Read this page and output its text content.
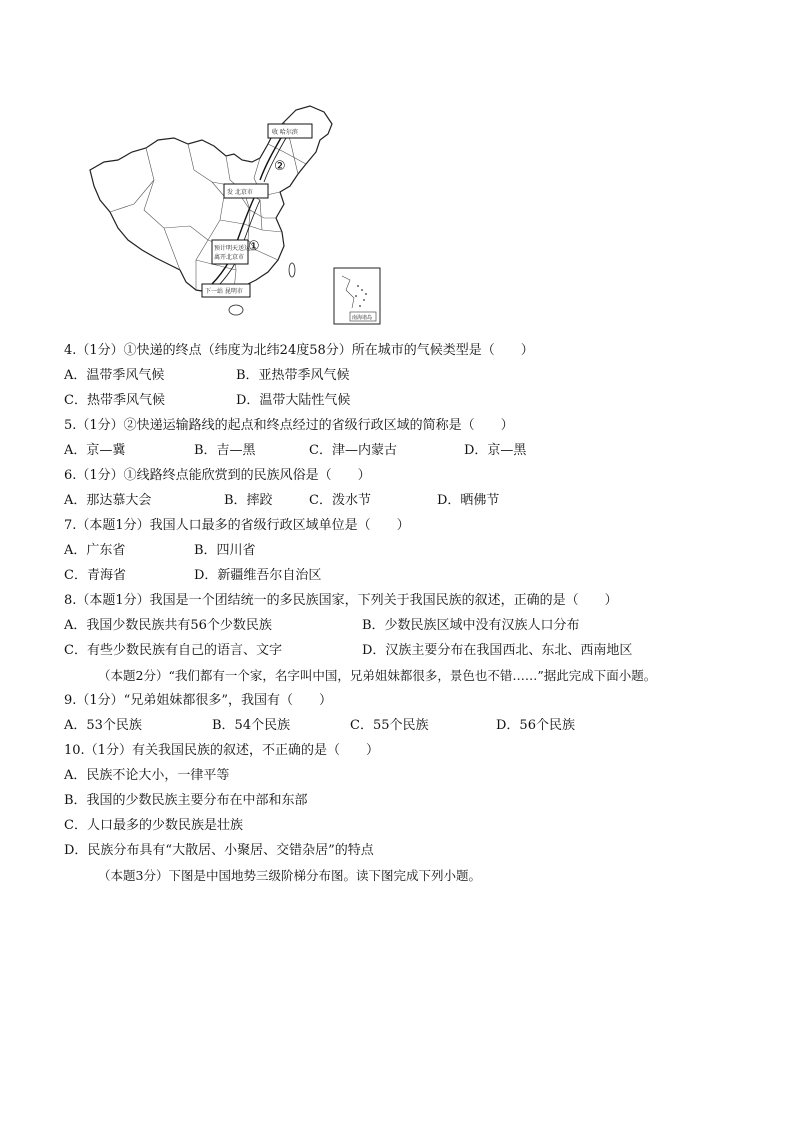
收 哈尔滨
②
发 北京市
①
预计明天送达
离开北京市
下一站 昆明市
南海诸岛
4.（1分）①快递的终点（纬度为北纬24度58分）所在城市的气候类型是（　　）
A．温带季风气候	B．亚热带季风气候
C．热带季风气候	D．温带大陆性气候
5.（1分）②快递运输路线的起点和终点经过的省级行政区域的简称是（　　）
A．京—冀	B．吉—黑	C．津—内蒙古	D．京—黑
6.（1分）①线路终点能欣赏到的民族风俗是（　　）
A．那达慕大会	B．摔跤	C．泼水节	D．晒佛节
7.（本题1分）我国人口最多的省级行政区域单位是（　　）
A．广东省	B．四川省
C．青海省	D．新疆维吾尔自治区
8.（本题1分）我国是一个团结统一的多民族国家，下列关于我国民族的叙述，正确的是（　　）
A．我国少数民族共有56个少数民族	B．少数民族区域中没有汉族人口分布
C．有些少数民族有自己的语言、文字	D．汉族主要分布在我国西北、东北、西南地区
（本题2分）“我们都有一个家，名字叫中国，兄弟姐妹都很多，景色也不错……”据此完成下面小题。
9.（1分）“兄弟姐妹都很多”，我国有（　　）
A．53个民族	B．54个民族	C．55个民族	D．56个民族
10.（1分）有关我国民族的叙述，不正确的是（　　）
A．民族不论大小，一律平等
B．我国的少数民族主要分布在中部和东部
C．人口最多的少数民族是壮族
D．民族分布具有“大散居、小聚居、交错杂居”的特点
（本题3分）下图是中国地势三级阶梯分布图。读下图完成下列小题。
